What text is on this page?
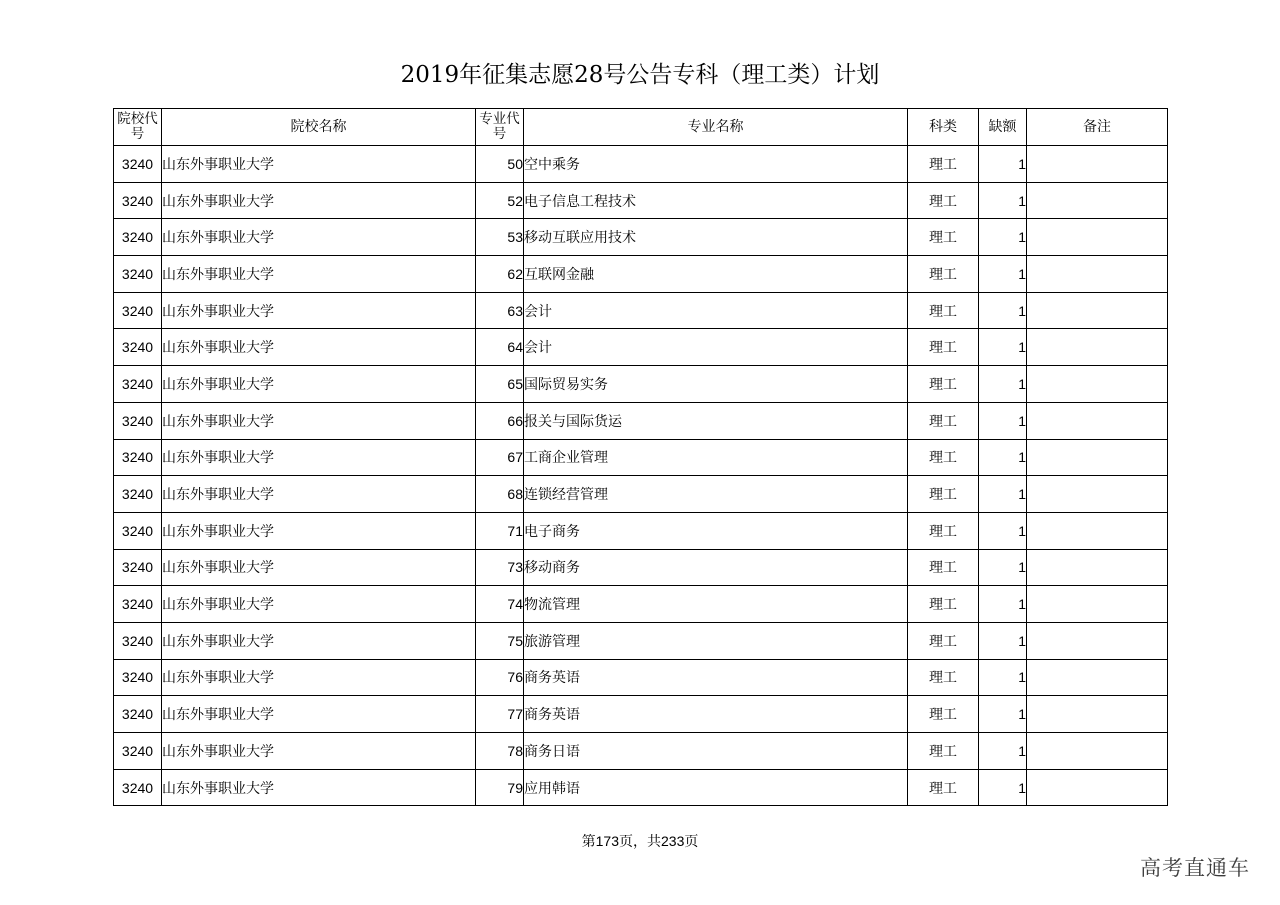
2019年征集志愿28号公告专科（理工类）计划
院校代号	院校名称	专业代号	专业名称	科类	缺额	备注
3240	山东外事职业大学	50	空中乘务	理工	1	
3240	山东外事职业大学	52	电子信息工程技术	理工	1	
3240	山东外事职业大学	53	移动互联应用技术	理工	1	
3240	山东外事职业大学	62	互联网金融	理工	1	
3240	山东外事职业大学	63	会计	理工	1	
3240	山东外事职业大学	64	会计	理工	1	
3240	山东外事职业大学	65	国际贸易实务	理工	1	
3240	山东外事职业大学	66	报关与国际货运	理工	1	
3240	山东外事职业大学	67	工商企业管理	理工	1	
3240	山东外事职业大学	68	连锁经营管理	理工	1	
3240	山东外事职业大学	71	电子商务	理工	1	
3240	山东外事职业大学	73	移动商务	理工	1	
3240	山东外事职业大学	74	物流管理	理工	1	
3240	山东外事职业大学	75	旅游管理	理工	1	
3240	山东外事职业大学	76	商务英语	理工	1	
3240	山东外事职业大学	77	商务英语	理工	1	
3240	山东外事职业大学	78	商务日语	理工	1	
3240	山东外事职业大学	79	应用韩语	理工	1	
第173页，共233页
高考直通车
